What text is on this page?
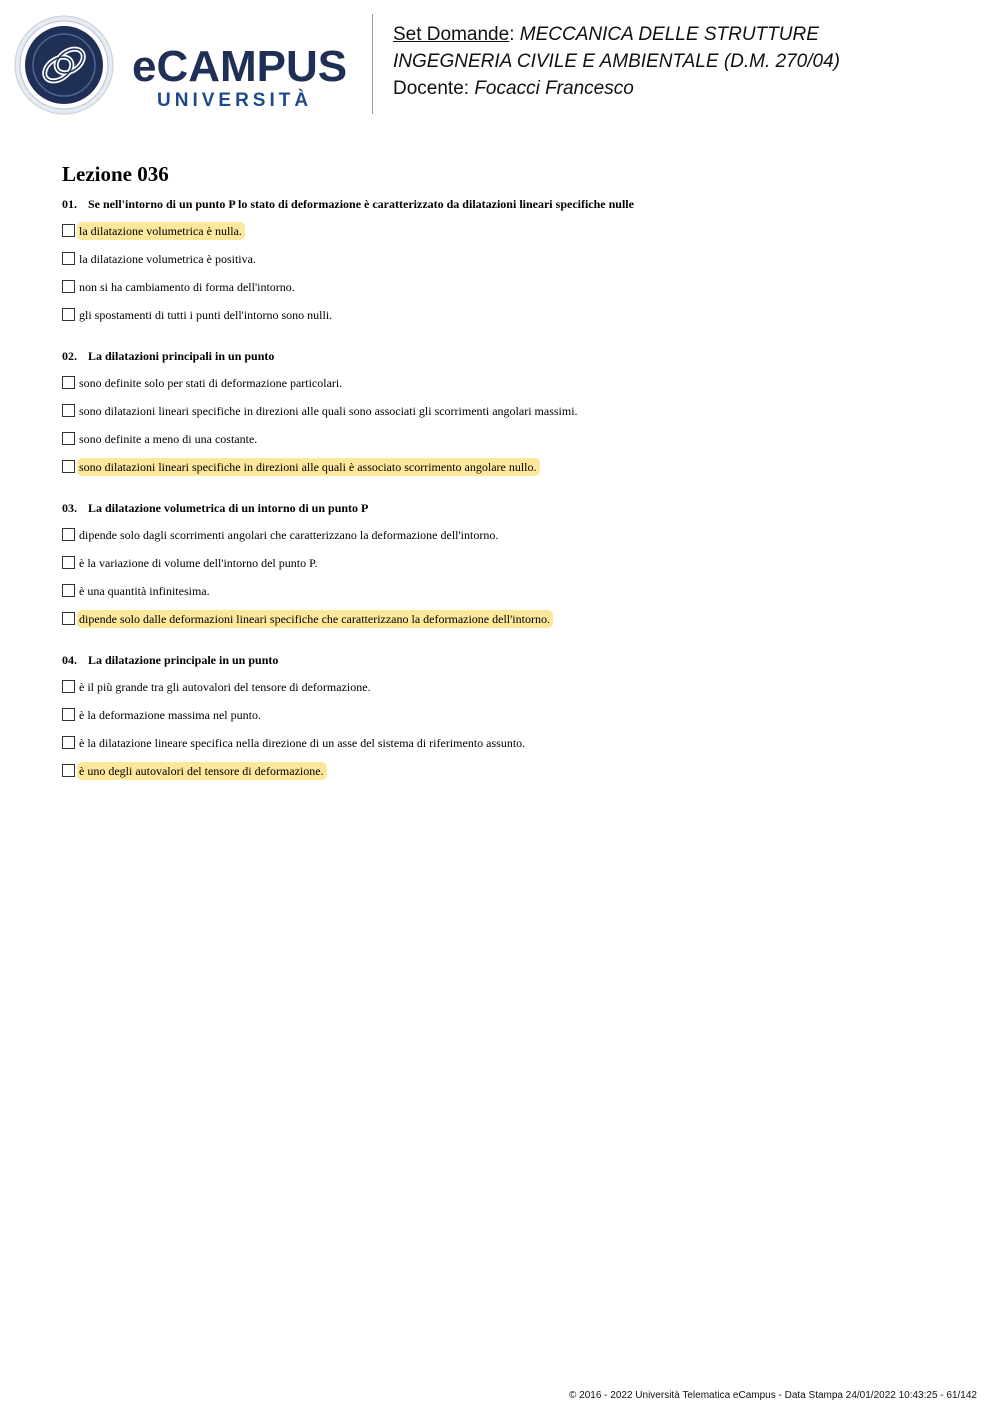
eCAMPUS
UNIVERSITÀ
Set Domande: MECCANICA DELLE STRUTTURE
INGEGNERIA CIVILE E AMBIENTALE (D.M. 270/04)
Docente: Focacci Francesco
Lezione 036
01. Se nell'intorno di un punto P lo stato di deformazione è caratterizzato da dilatazioni lineari specifiche nulle
la dilatazione volumetrica è nulla.
la dilatazione volumetrica è positiva.
non si ha cambiamento di forma dell'intorno.
gli spostamenti di tutti i punti dell'intorno sono nulli.
02. La dilatazioni principali in un punto
sono definite solo per stati di deformazione particolari.
sono dilatazioni lineari specifiche in direzioni alle quali sono associati gli scorrimenti angolari massimi.
sono definite a meno di una costante.
sono dilatazioni lineari specifiche in direzioni alle quali è associato scorrimento angolare nullo.
03. La dilatazione volumetrica di un intorno di un punto P
dipende solo dagli scorrimenti angolari che caratterizzano la deformazione dell'intorno.
è la variazione di volume dell'intorno del punto P.
è una quantità infinitesima.
dipende solo dalle deformazioni lineari specifiche che caratterizzano la deformazione dell'intorno.
04. La dilatazione principale in un punto
è il più grande tra gli autovalori del tensore di deformazione.
è la deformazione massima nel punto.
è la dilatazione lineare specifica nella direzione di un asse del sistema di riferimento assunto.
è uno degli autovalori del tensore di deformazione.
© 2016 - 2022 Università Telematica eCampus - Data Stampa 24/01/2022 10:43:25 - 61/142
